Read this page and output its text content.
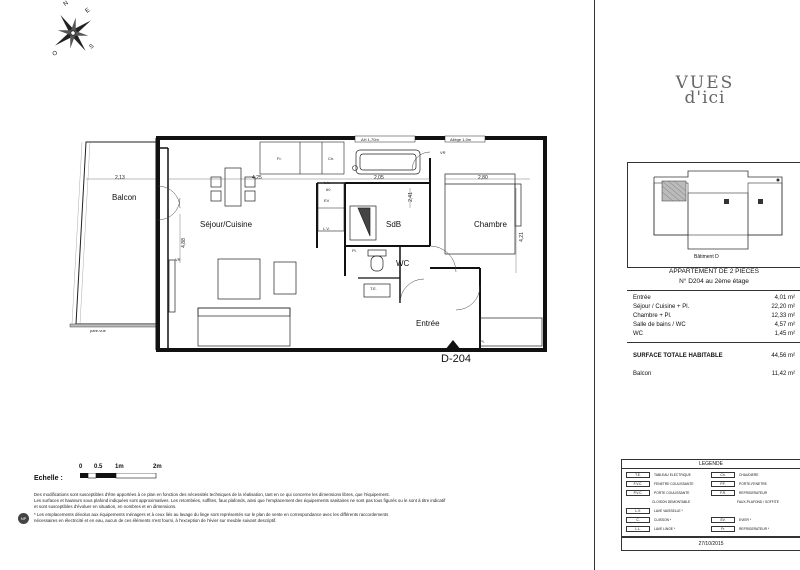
N
E
S
O
VUES
d'ici
Bâtiment D
APPARTEMENT DE 2 PIECES
N° D204 au 2ème étage
Entrée	4,01 m²
Séjour / Cuisine + Pl.	22,20 m²
Chambre + Pl.	12,33 m²
Salle de bains / WC	4,57 m²
WC	1,45 m²
SURFACE TOTALE HABITABLE	44,56 m²
Balcon	11,42 m²
LEGENDE
T.E.	TABLEAU ELECTRIQUE	Ch.	CHAUDIERE
F.V.C.	FENETRE COULISSANTE	P.F.	PORTE-FENETRE
P.V.C.	PORTE COULISSANTE	F.R.	REFRIGERATEUR
CLOISON DEMONTABLE	FAUX-PLAFOND / SOFFITE
L.V.	LAVE VAISSELLE *
C.	CUISSON *	EV.	EVIER *
L.L.	LAVE LINGE *	Fr.	REFRIGERATEUR *
27/10/2015
Balcon
Séjour/Cuisine	SdB	Chambre
WC
Entrée
2,13	4,25	2,05	2,80
4,88
2,41
4,21
AH 1,70m	Allège 1,0m
pare-vue
Fr.	Ch.
L.L.
60
EV
L.V.
Pl.
Pl.
T.E.
VR
VR
D-204
Echelle :
0 0.5 1m	2m
Des modifications sont susceptibles d'être apportées à ce plan en fonction des nécessités techniques de la réalisation, tant en ce qui concerne les dimensions libres, que l'équipement.
Les surfaces et hauteurs sous plafond indiquées sont approximatives. Les retombées, soffites, faux plafonds, ainsi que l'emplacement des équipements sanitaires ne sont pas tous figurés ou le sont à titre indicatif
et sont susceptibles d'évoluer en situation, en nombres et en dimensions.
* Les emplacements dévolus aux équipements ménagers et à ceux liés au lavage du linge sont représentés sur le plan de vente en correspondance avec les différents raccordements
nécessaires en électricité et en eau, aucun de ces éléments n'est fourni, à l'exception de l'évier sur meuble suivant descriptif.
NP
